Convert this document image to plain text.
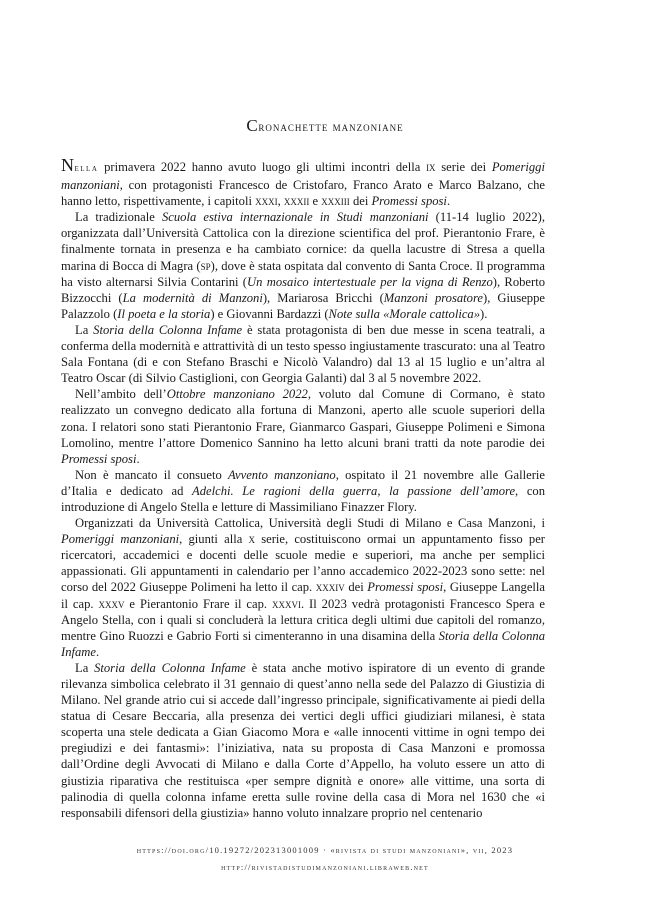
Cronachette manzoniane

Nella primavera 2022 hanno avuto luogo gli ultimi incontri della ix serie dei Pomeriggi manzoniani, con protagonisti Francesco de Cristofaro, Franco Arato e Marco Balzano, che hanno letto, rispettivamente, i capitoli xxxi, xxxii e xxxiii dei Promessi sposi.

La tradizionale Scuola estiva internazionale in Studi manzoniani (11-14 luglio 2022), organizzata dall’Università Cattolica con la direzione scientifica del prof. Pierantonio Frare, è finalmente tornata in presenza e ha cambiato cornice: da quella lacustre di Stresa a quella marina di Bocca di Magra (sp), dove è stata ospitata dal convento di Santa Croce. Il programma ha visto alternarsi Silvia Contarini (Un mosaico intertestuale per la vigna di Renzo), Roberto Bizzocchi (La modernità di Manzoni), Mariarosa Bricchi (Manzoni prosatore), Giuseppe Palazzolo (Il poeta e la storia) e Giovanni Bardazzi (Note sulla «Morale cattolica»).

La Storia della Colonna Infame è stata protagonista di ben due messe in scena teatrali, a conferma della modernità e attrattività di un testo spesso ingiustamente trascurato: una al Teatro Sala Fontana (di e con Stefano Braschi e Nicolò Valandro) dal 13 al 15 luglio e un’altra al Teatro Oscar (di Silvio Castiglioni, con Georgia Galanti) dal 3 al 5 novembre 2022.

Nell’ambito dell’Ottobre manzoniano 2022, voluto dal Comune di Cormano, è stato realizzato un convegno dedicato alla fortuna di Manzoni, aperto alle scuole superiori della zona. I relatori sono stati Pierantonio Frare, Gianmarco Gaspari, Giuseppe Polimeni e Simona Lomolino, mentre l’attore Domenico Sannino ha letto alcuni brani tratti da note parodie dei Promessi sposi.

Non è mancato il consueto Avvento manzoniano, ospitato il 21 novembre alle Gallerie d’Italia e dedicato ad Adelchi. Le ragioni della guerra, la passione dell’amore, con introduzione di Angelo Stella e letture di Massimiliano Finazzer Flory.

Organizzati da Università Cattolica, Università degli Studi di Milano e Casa Manzoni, i Pomeriggi manzoniani, giunti alla x serie, costituiscono ormai un appuntamento fisso per ricercatori, accademici e docenti delle scuole medie e superiori, ma anche per semplici appassionati. Gli appuntamenti in calendario per l’anno accademico 2022-2023 sono sette: nel corso del 2022 Giuseppe Polimeni ha letto il cap. xxxiv dei Promessi sposi, Giuseppe Langella il cap. xxxv e Pierantonio Frare il cap. xxxvi. Il 2023 vedrà protagonisti Francesco Spera e Angelo Stella, con i quali si concluderà la lettura critica degli ultimi due capitoli del romanzo, mentre Gino Ruozzi e Gabrio Forti si cimenteranno in una disamina della Storia della Colonna Infame.

La Storia della Colonna Infame è stata anche motivo ispiratore di un evento di grande rilevanza simbolica celebrato il 31 gennaio di quest’anno nella sede del Palazzo di Giustizia di Milano. Nel grande atrio cui si accede dall’ingresso principale, significativamente ai piedi della statua di Cesare Beccaria, alla presenza dei vertici degli uffici giudiziari milanesi, è stata scoperta una stele dedicata a Gian Giacomo Mora e «alle innocenti vittime in ogni tempo dei pregiudizi e dei fantasmi»: l’iniziativa, nata su proposta di Casa Manzoni e promossa dall’Ordine degli Avvocati di Milano e dalla Corte d’Appello, ha voluto essere un atto di giustizia riparativa che restituisca «per sempre dignità e onore» alle vittime, una sorta di palinodia di quella colonna infame eretta sulle rovine della casa di Mora nel 1630 che «i responsabili difensori della giustizia» hanno voluto innalzare proprio nel centenario

https://doi.org/10.19272/202313001009 · «rivista di studi manzoniani», vii, 2023
http://rivistadistudimanzoniani.libraweb.net
